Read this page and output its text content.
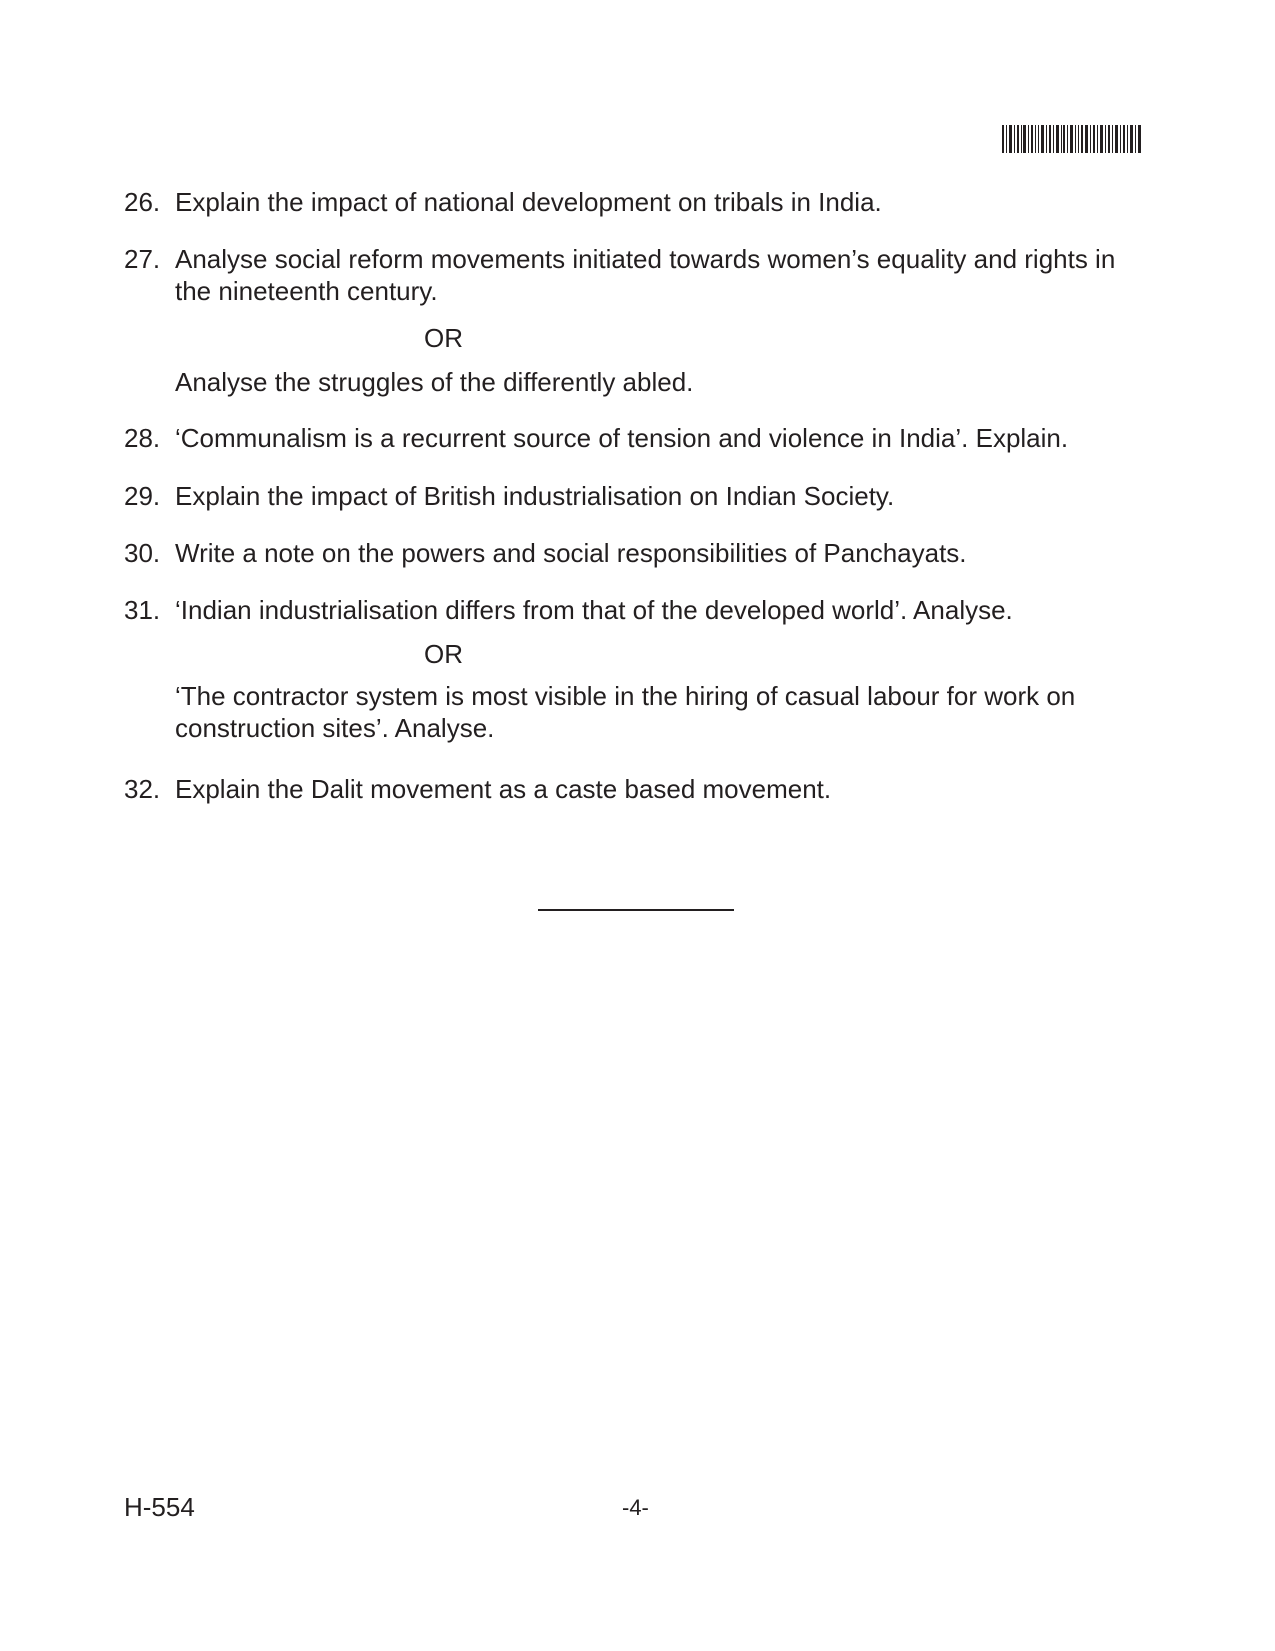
26. Explain the impact of national development on tribals in India.
27. Analyse social reform movements initiated towards women’s equality and rights in the nineteenth century.
OR
Analyse the struggles of the differently abled.
28. ‘Communalism is a recurrent source of tension and violence in India’. Explain.
29. Explain the impact of British industrialisation on Indian Society.
30. Write a note on the powers and social responsibilities of Panchayats.
31. ‘Indian industrialisation differs from that of the developed world’. Analyse.
OR
‘The contractor system is most visible in the hiring of casual labour for work on construction sites’. Analyse.
32. Explain the Dalit movement as a caste based movement.
H-554	-4-
